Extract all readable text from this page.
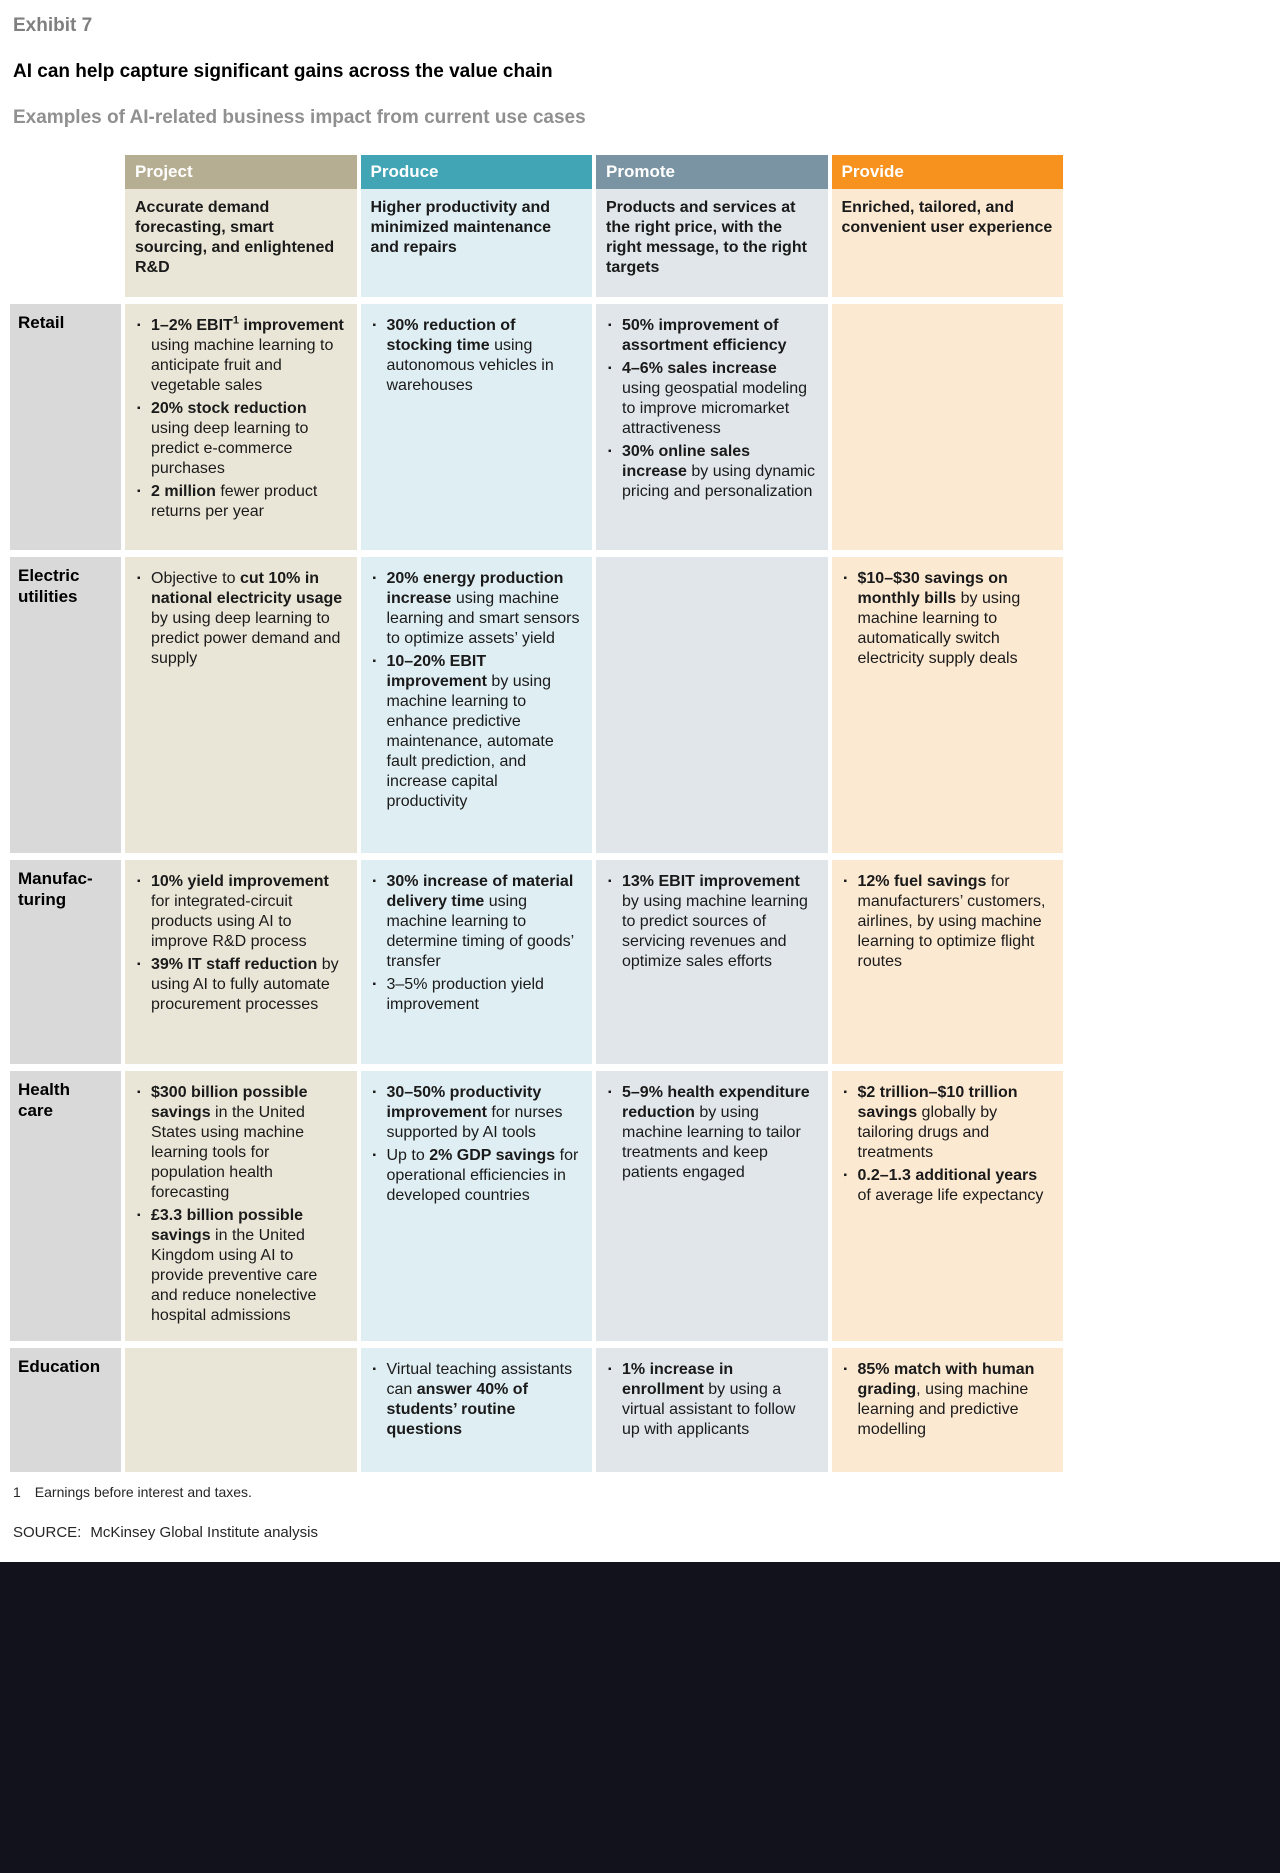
Exhibit 7
AI can help capture significant gains across the value chain
Examples of AI-related business impact from current use cases
Project
Accurate demand forecasting, smart sourcing, and enlightened R&D
Produce
Higher productivity and minimized maintenance and repairs
Promote
Products and services at the right price, with the right message, to the right targets
Provide
Enriched, tailored, and convenient user experience
Retail	▪ 1–2% EBIT$^1$ improvement using machine learning to anticipate fruit and vegetable sales
▪ 20% stock reduction using deep learning to predict e-commerce purchases
▪ 2 million fewer product returns per year
▪ 30% reduction of stocking time using autonomous vehicles in warehouses
▪ 50% improvement of assortment efficiency
▪ 4–6% sales increase using geospatial modeling to improve micromarket attractiveness
▪ 30% online sales increase by using dynamic pricing and personalization
Electric
utilities
▪ Objective to cut 10% in national electricity usage by using deep learning to predict power demand and supply
▪ 20% energy production increase using machine learning and smart sensors to optimize assets’ yield
▪ 10–20% EBIT improvement by using machine learning to enhance predictive maintenance, automate fault prediction, and increase capital productivity
▪ $10–$30 savings on monthly bills by using machine learning to automatically switch electricity supply deals
Manufac-
turing
▪ 10% yield improvement for integrated-circuit products using AI to improve R&D process
▪ 39% IT staff reduction by using AI to fully automate procurement processes
▪ 30% increase of material delivery time using machine learning to determine timing of goods’ transfer
▪ 3–5% production yield improvement
▪ 13% EBIT improvement by using machine learning to predict sources of servicing revenues and optimize sales efforts
▪ 12% fuel savings for manufacturers’ customers, airlines, by using machine learning to optimize flight routes
Health
care
▪ $300 billion possible savings in the United States using machine learning tools for population health forecasting
▪ £3.3 billion possible savings in the United Kingdom using AI to provide preventive care and reduce nonelective hospital admissions
▪ 30–50% productivity improvement for nurses supported by AI tools
▪ Up to 2% GDP savings for operational efficiencies in developed countries
▪ 5–9% health expenditure reduction by using machine learning to tailor treatments and keep patients engaged
▪ $2 trillion–$10 trillion savings globally by tailoring drugs and treatments
▪ 0.2–1.3 additional years of average life expectancy
Education	▪ Virtual teaching assistants can answer 40% of students’ routine questions
▪ 1% increase in enrollment by using a virtual assistant to follow up with applicants
▪ 85% match with human grading, using machine learning and predictive modelling
1 Earnings before interest and taxes.
SOURCE: McKinsey Global Institute analysis
